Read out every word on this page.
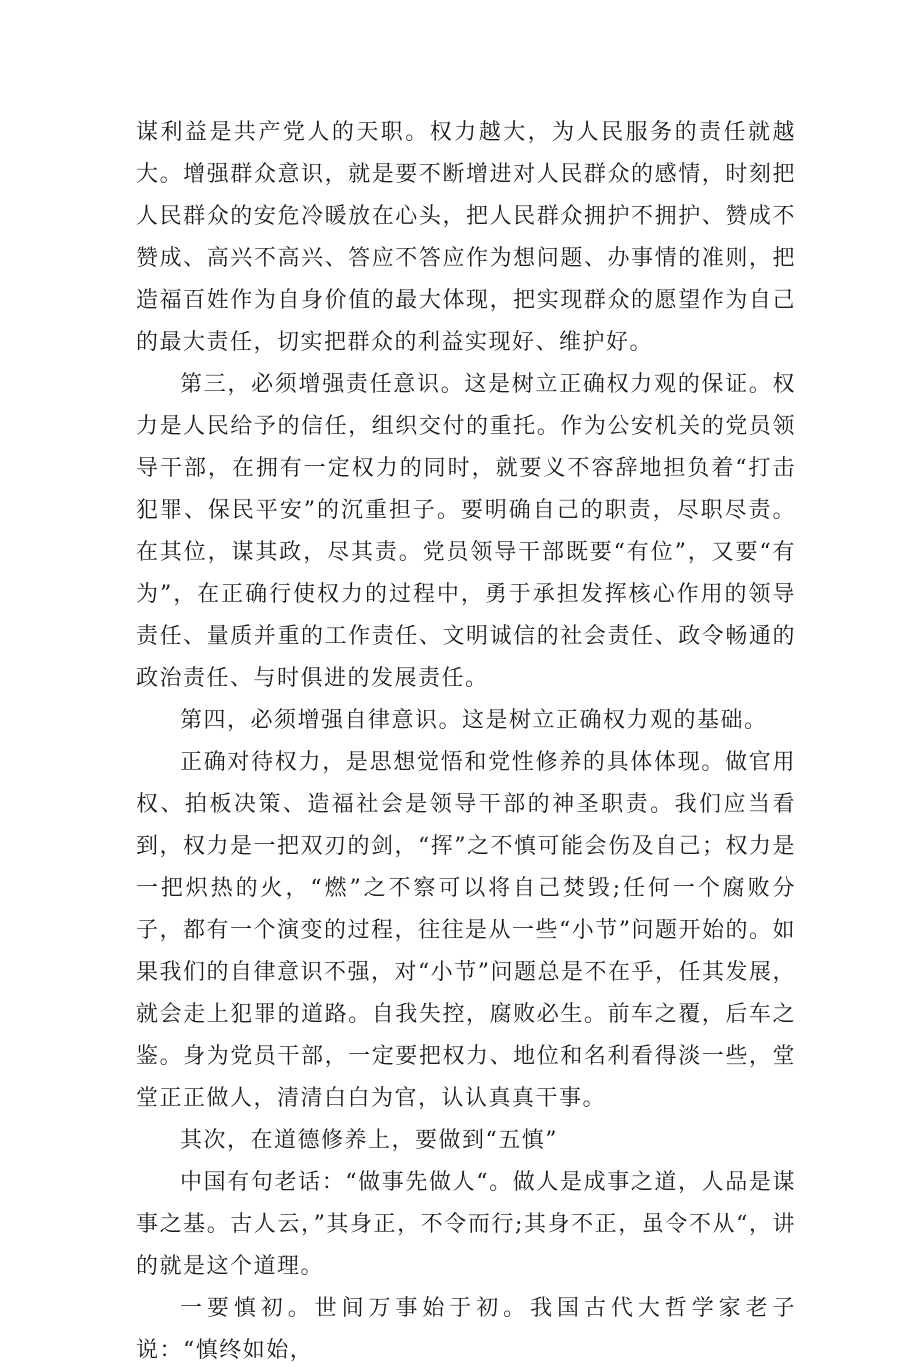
谋利益是共产党人的天职。权力越大，为人民服务的责任就越大。增强群众意识，就是要不断增进对人民群众的感情，时刻把人民群众的安危冷暖放在心头，把人民群众拥护不拥护、赞成不赞成、高兴不高兴、答应不答应作为想问题、办事情的准则，把造福百姓作为自身价值的最大体现，把实现群众的愿望作为自己的最大责任，切实把群众的利益实现好、维护好。

第三，必须增强责任意识。这是树立正确权力观的保证。权力是人民给予的信任，组织交付的重托。作为公安机关的党员领导干部，在拥有一定权力的同时，就要义不容辞地担负着“打击犯罪、保民平安”的沉重担子。要明确自己的职责，尽职尽责。在其位，谋其政，尽其责。党员领导干部既要“有位”，又要“有为”，在正确行使权力的过程中，勇于承担发挥核心作用的领导责任、量质并重的工作责任、文明诚信的社会责任、政令畅通的政治责任、与时俱进的发展责任。

第四，必须增强自律意识。这是树立正确权力观的基础。

正确对待权力，是思想觉悟和党性修养的具体体现。做官用权、拍板决策、造福社会是领导干部的神圣职责。我们应当看到，权力是一把双刃的剑，“挥”之不慎可能会伤及自己；权力是一把炽热的火，“燃”之不察可以将自己焚毁;任何一个腐败分子，都有一个演变的过程，往往是从一些“小节”问题开始的。如果我们的自律意识不强，对“小节”问题总是不在乎，任其发展，就会走上犯罪的道路。自我失控，腐败必生。前车之覆，后车之鉴。身为党员干部，一定要把权力、地位和名利看得淡一些，堂堂正正做人，清清白白为官，认认真真干事。

其次，在道德修养上，要做到“五慎”

中国有句老话：“做事先做人“。做人是成事之道，人品是谋事之基。古人云，”其身正，不令而行;其身不正，虽令不从“，讲的就是这个道理。

一要慎初。世间万事始于初。我国古代大哲学家老子说：“慎终如始，
